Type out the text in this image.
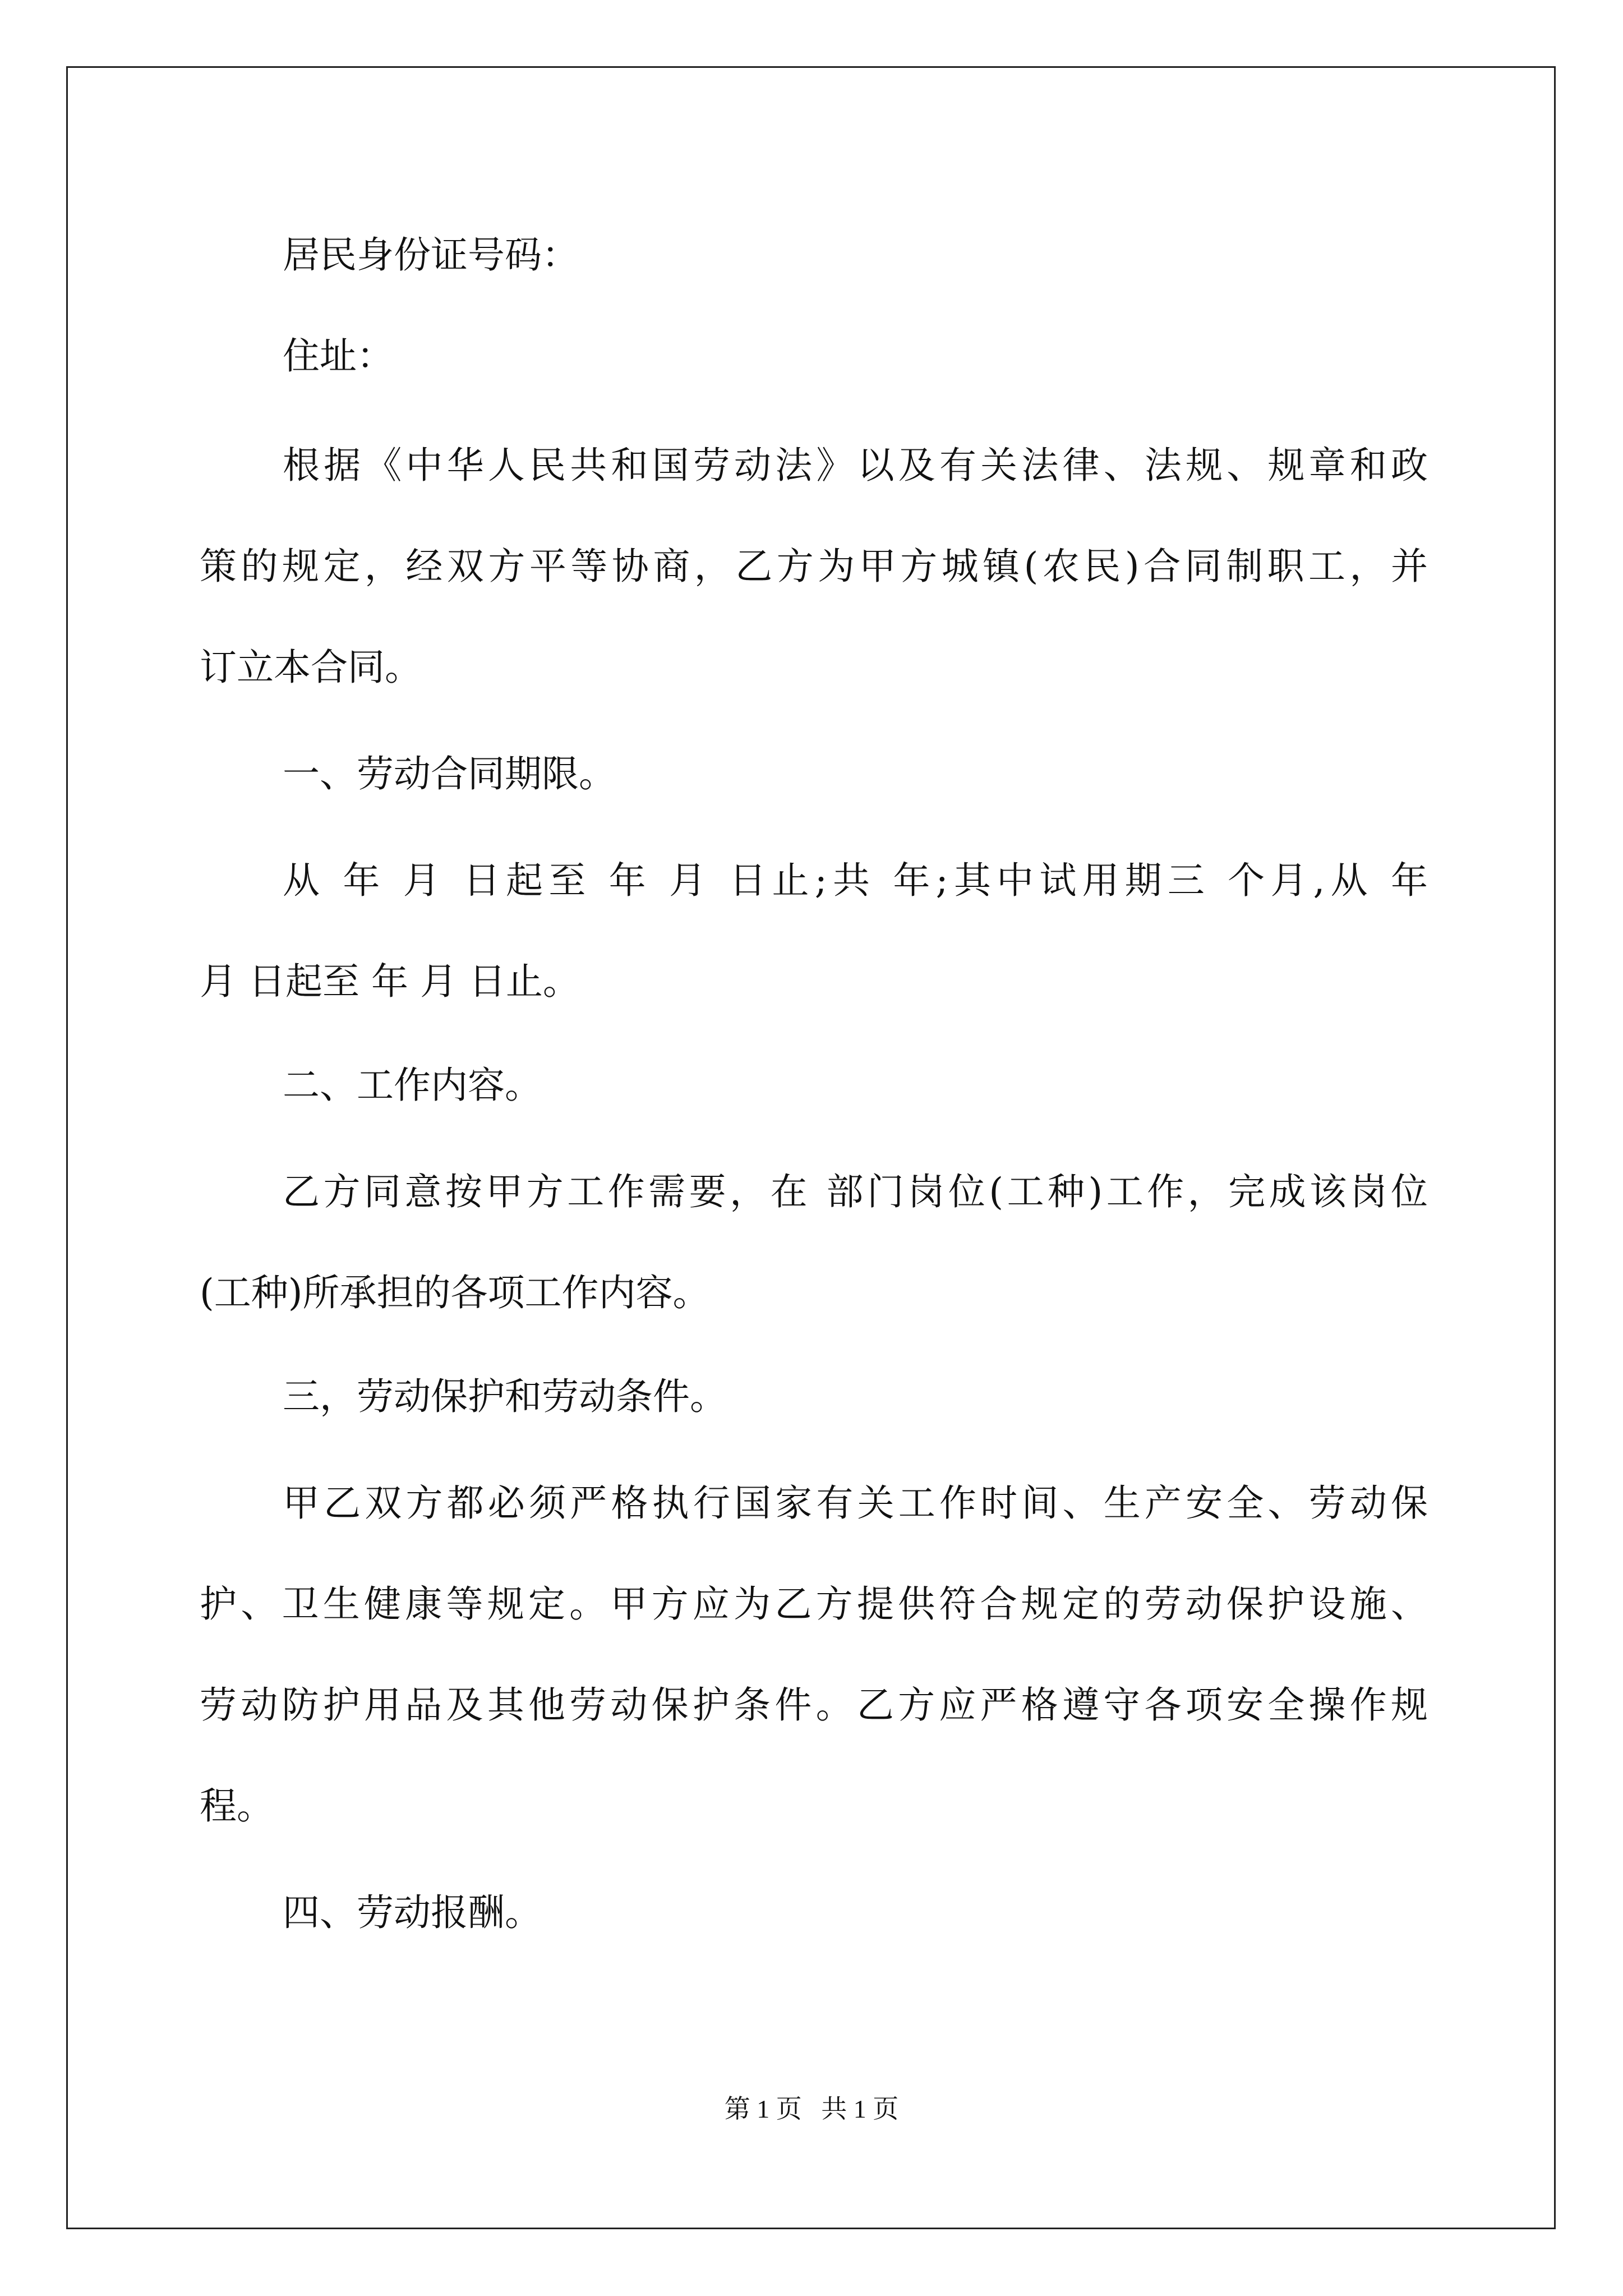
居民身份证号码：
住址：
根据《中华人民共和国劳动法》以及有关法律、法规、规章和政
策的规定，经双方平等协商，乙方为甲方城镇(农民)合同制职工，并
订立本合同。
一、劳动合同期限。
从 年 月 日起至 年 月 日止;共 年;其中试用期三 个月,从 年
月 日起至 年 月 日止。
二、工作内容。
乙方同意按甲方工作需要，在 部门岗位(工种)工作，完成该岗位
(工种)所承担的各项工作内容。
三，劳动保护和劳动条件。
甲乙双方都必须严格执行国家有关工作时间、生产安全、劳动保
护、卫生健康等规定。甲方应为乙方提供符合规定的劳动保护设施、
劳动防护用品及其他劳动保护条件。乙方应严格遵守各项安全操作规
程。
四、劳动报酬。
第 1 页 共 1 页
